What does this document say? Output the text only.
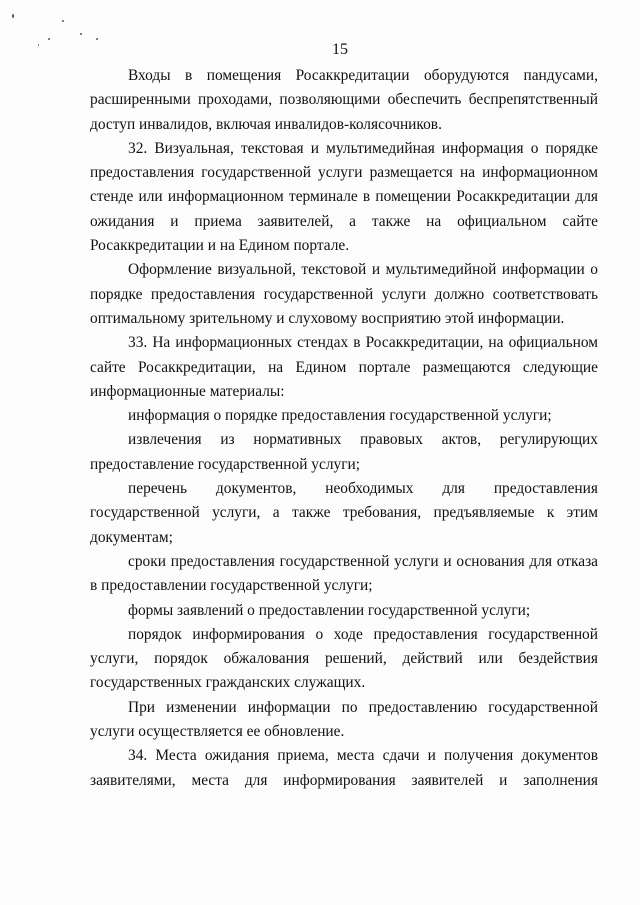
15

Входы в помещения Росаккредитации оборудуются пандусами, расширенными проходами, позволяющими обеспечить беспрепятственный доступ инвалидов, включая инвалидов-колясочников.

32. Визуальная, текстовая и мультимедийная информация о порядке предоставления государственной услуги размещается на информационном стенде или информационном терминале в помещении Росаккредитации для ожидания и приема заявителей, а также на официальном сайте Росаккредитации и на Едином портале.

Оформление визуальной, текстовой и мультимедийной информации о порядке предоставления государственной услуги должно соответствовать оптимальному зрительному и слуховому восприятию этой информации.

33. На информационных стендах в Росаккредитации, на официальном сайте Росаккредитации, на Едином портале размещаются следующие информационные материалы:

информация о порядке предоставления государственной услуги;

извлечения из нормативных правовых актов, регулирующих предоставление государственной услуги;

перечень документов, необходимых для предоставления государственной услуги, а также требования, предъявляемые к этим документам;

сроки предоставления государственной услуги и основания для отказа в предоставлении государственной услуги;

формы заявлений о предоставлении государственной услуги;

порядок информирования о ходе предоставления государственной услуги, порядок обжалования решений, действий или бездействия государственных гражданских служащих.

При изменении информации по предоставлению государственной услуги осуществляется ее обновление.

34. Места ожидания приема, места сдачи и получения документов заявителями, места для информирования заявителей и заполнения
